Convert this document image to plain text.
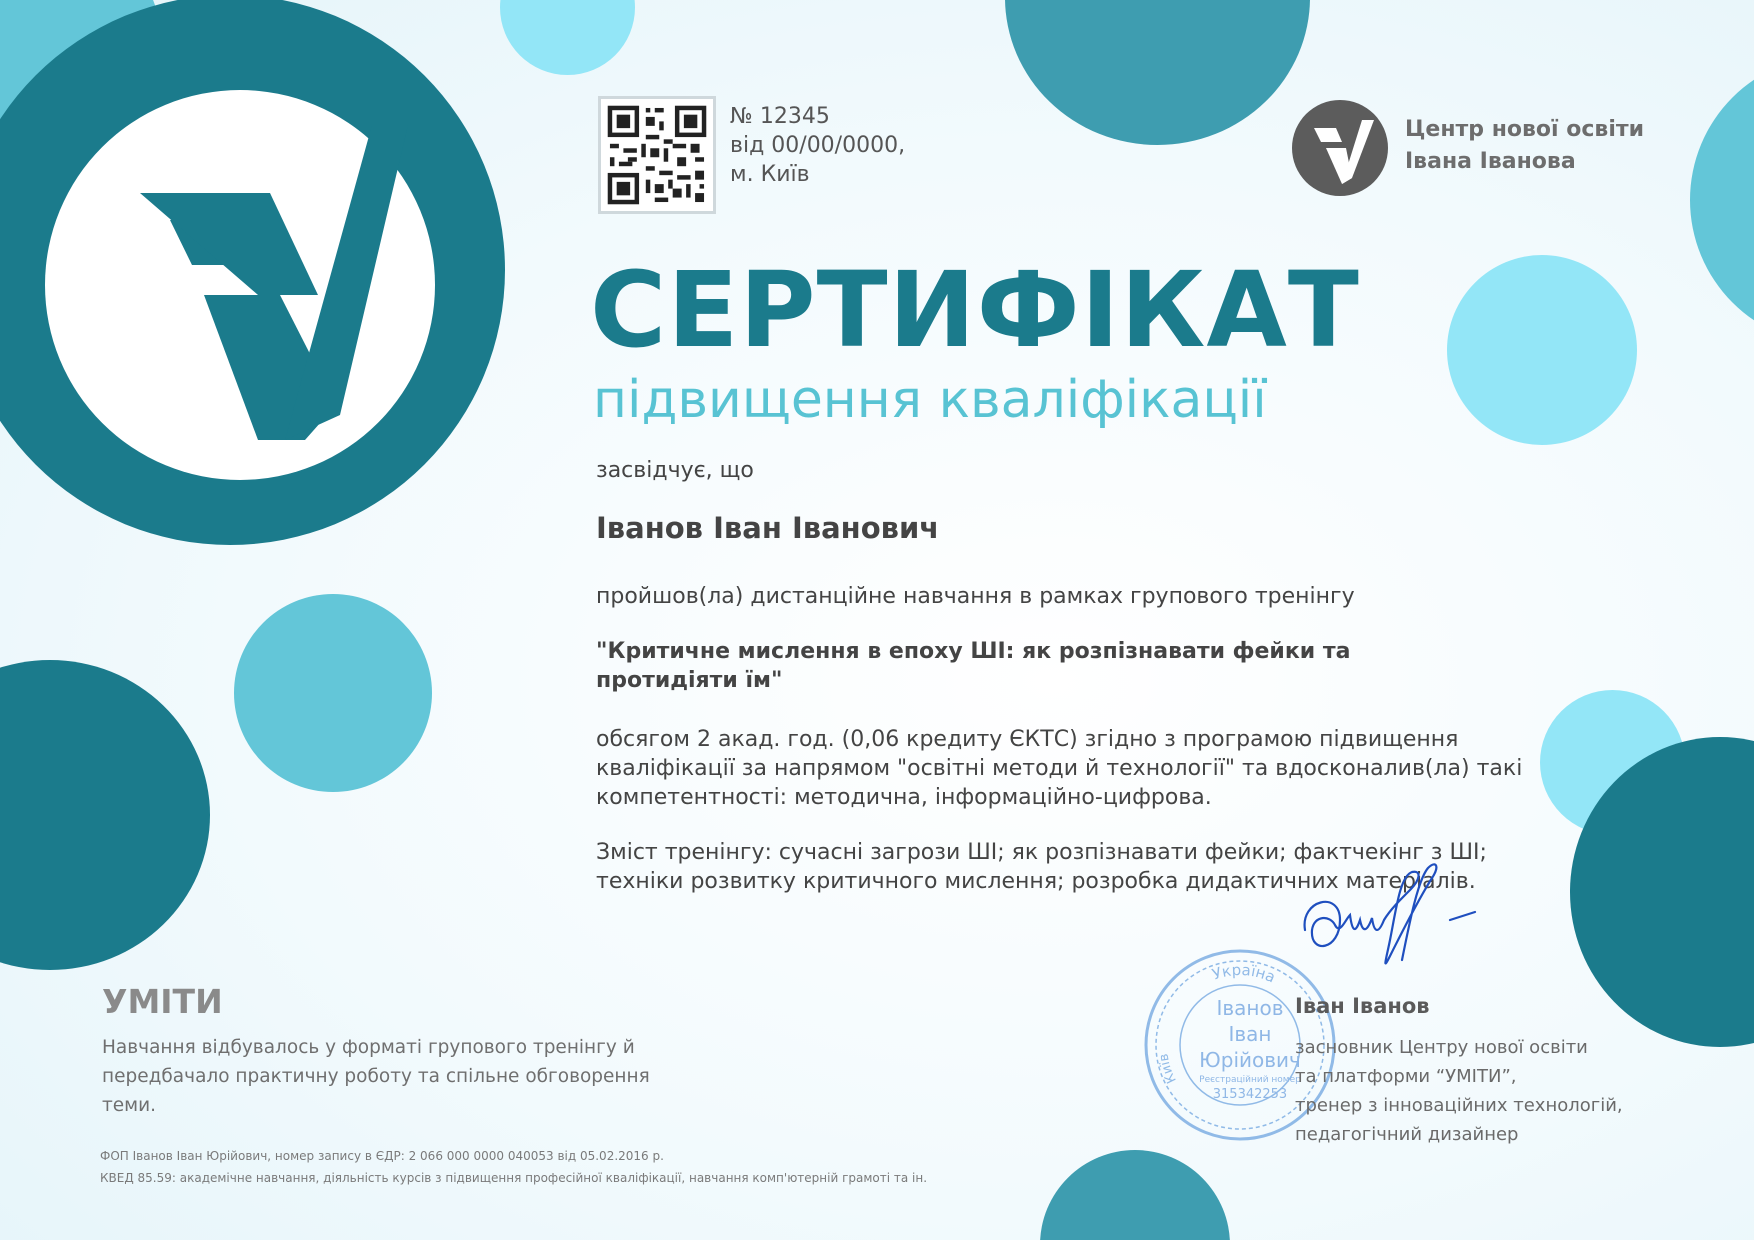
№ 12345
від 00/00/0000,
м. Київ
Центр нової освіти
Івана Іванова
СЕРТИФІКАТ
підвищення кваліфікації
засвідчує, що
Іванов Іван Іванович
пройшов(ла) дистанційне навчання в рамках групового тренінгу
"Критичне мислення в епоху ШІ: як розпізнавати фейки та протидіяти їм"
обсягом 2 акад. год. (0,06 кредиту ЄКТС) згідно з програмою підвищення кваліфікації за напрямом "освітні методи й технології" та вдосконалив(ла) такі компетентності: методична, інформаційно-цифрова.
Зміст тренінгу: сучасні загрози ШІ; як розпізнавати фейки; фактчекінг з ШІ; техніки розвитку критичного мислення; розробка дидактичних матеріалів.
УМІТИ
Навчання відбувалось у форматі групового тренінгу й передбачало практичну роботу та спільне обговорення теми.
ФОП Іванов Іван Юрійович, номер запису в ЄДР: 2 066 000 0000 040053 від 05.02.2016 р.
КВЕД 85.59: академічне навчання, діяльність курсів з підвищення професійної кваліфікації, навчання комп'ютерній грамоті та ін.
Україна
Київ
Іванов
Іван
Юрійович
Реєстраційний номер
315342253
Іван Іванов
засновник Центру нової освіти
та платформи “УМІТИ”,
тренер з інноваційних технологій,
педагогічний дизайнер
